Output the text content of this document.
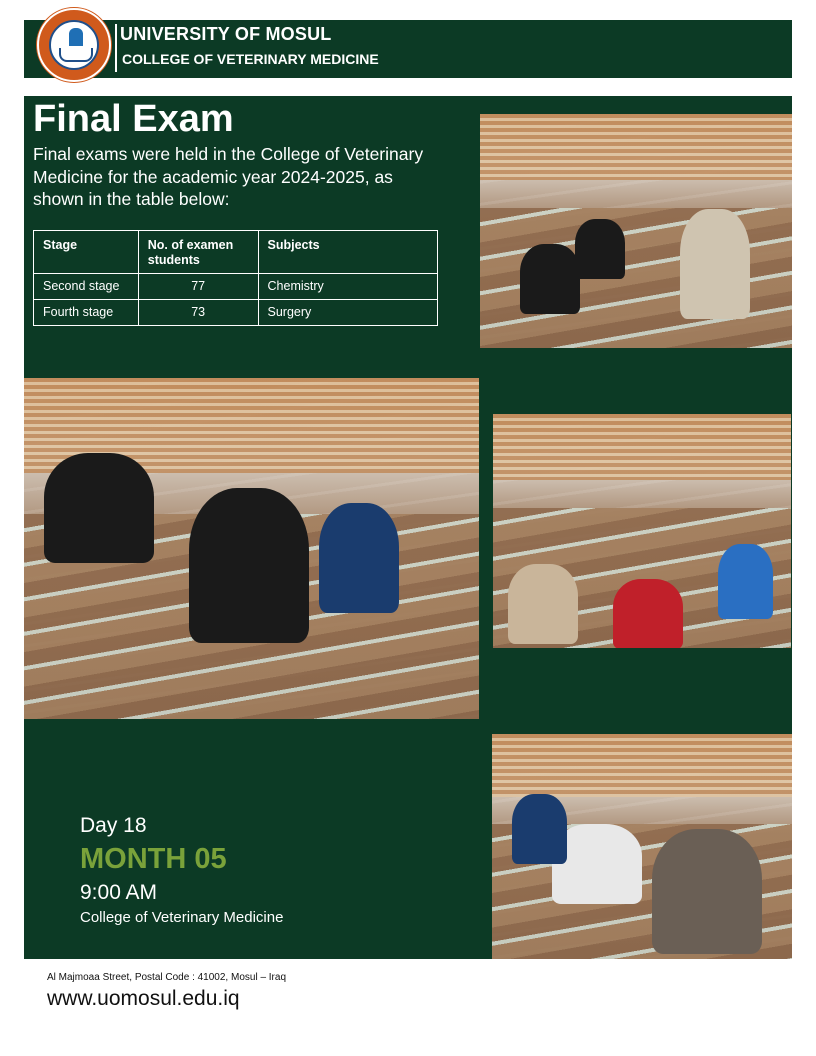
UNIVERSITY OF MOSUL
COLLEGE OF VETERINARY MEDICINE
Final Exam
Final exams were held in the College of Veterinary Medicine for the academic year 2024-2025, as shown in the table below:
Stage	No. of examen students	Subjects
Second stage	77	Chemistry
Fourth stage	73	Surgery
Day 18
MONTH 05
9:00 AM
College of Veterinary Medicine
Al Majmoaa Street, Postal Code : 41002, Mosul – Iraq
www.uomosul.edu.iq
